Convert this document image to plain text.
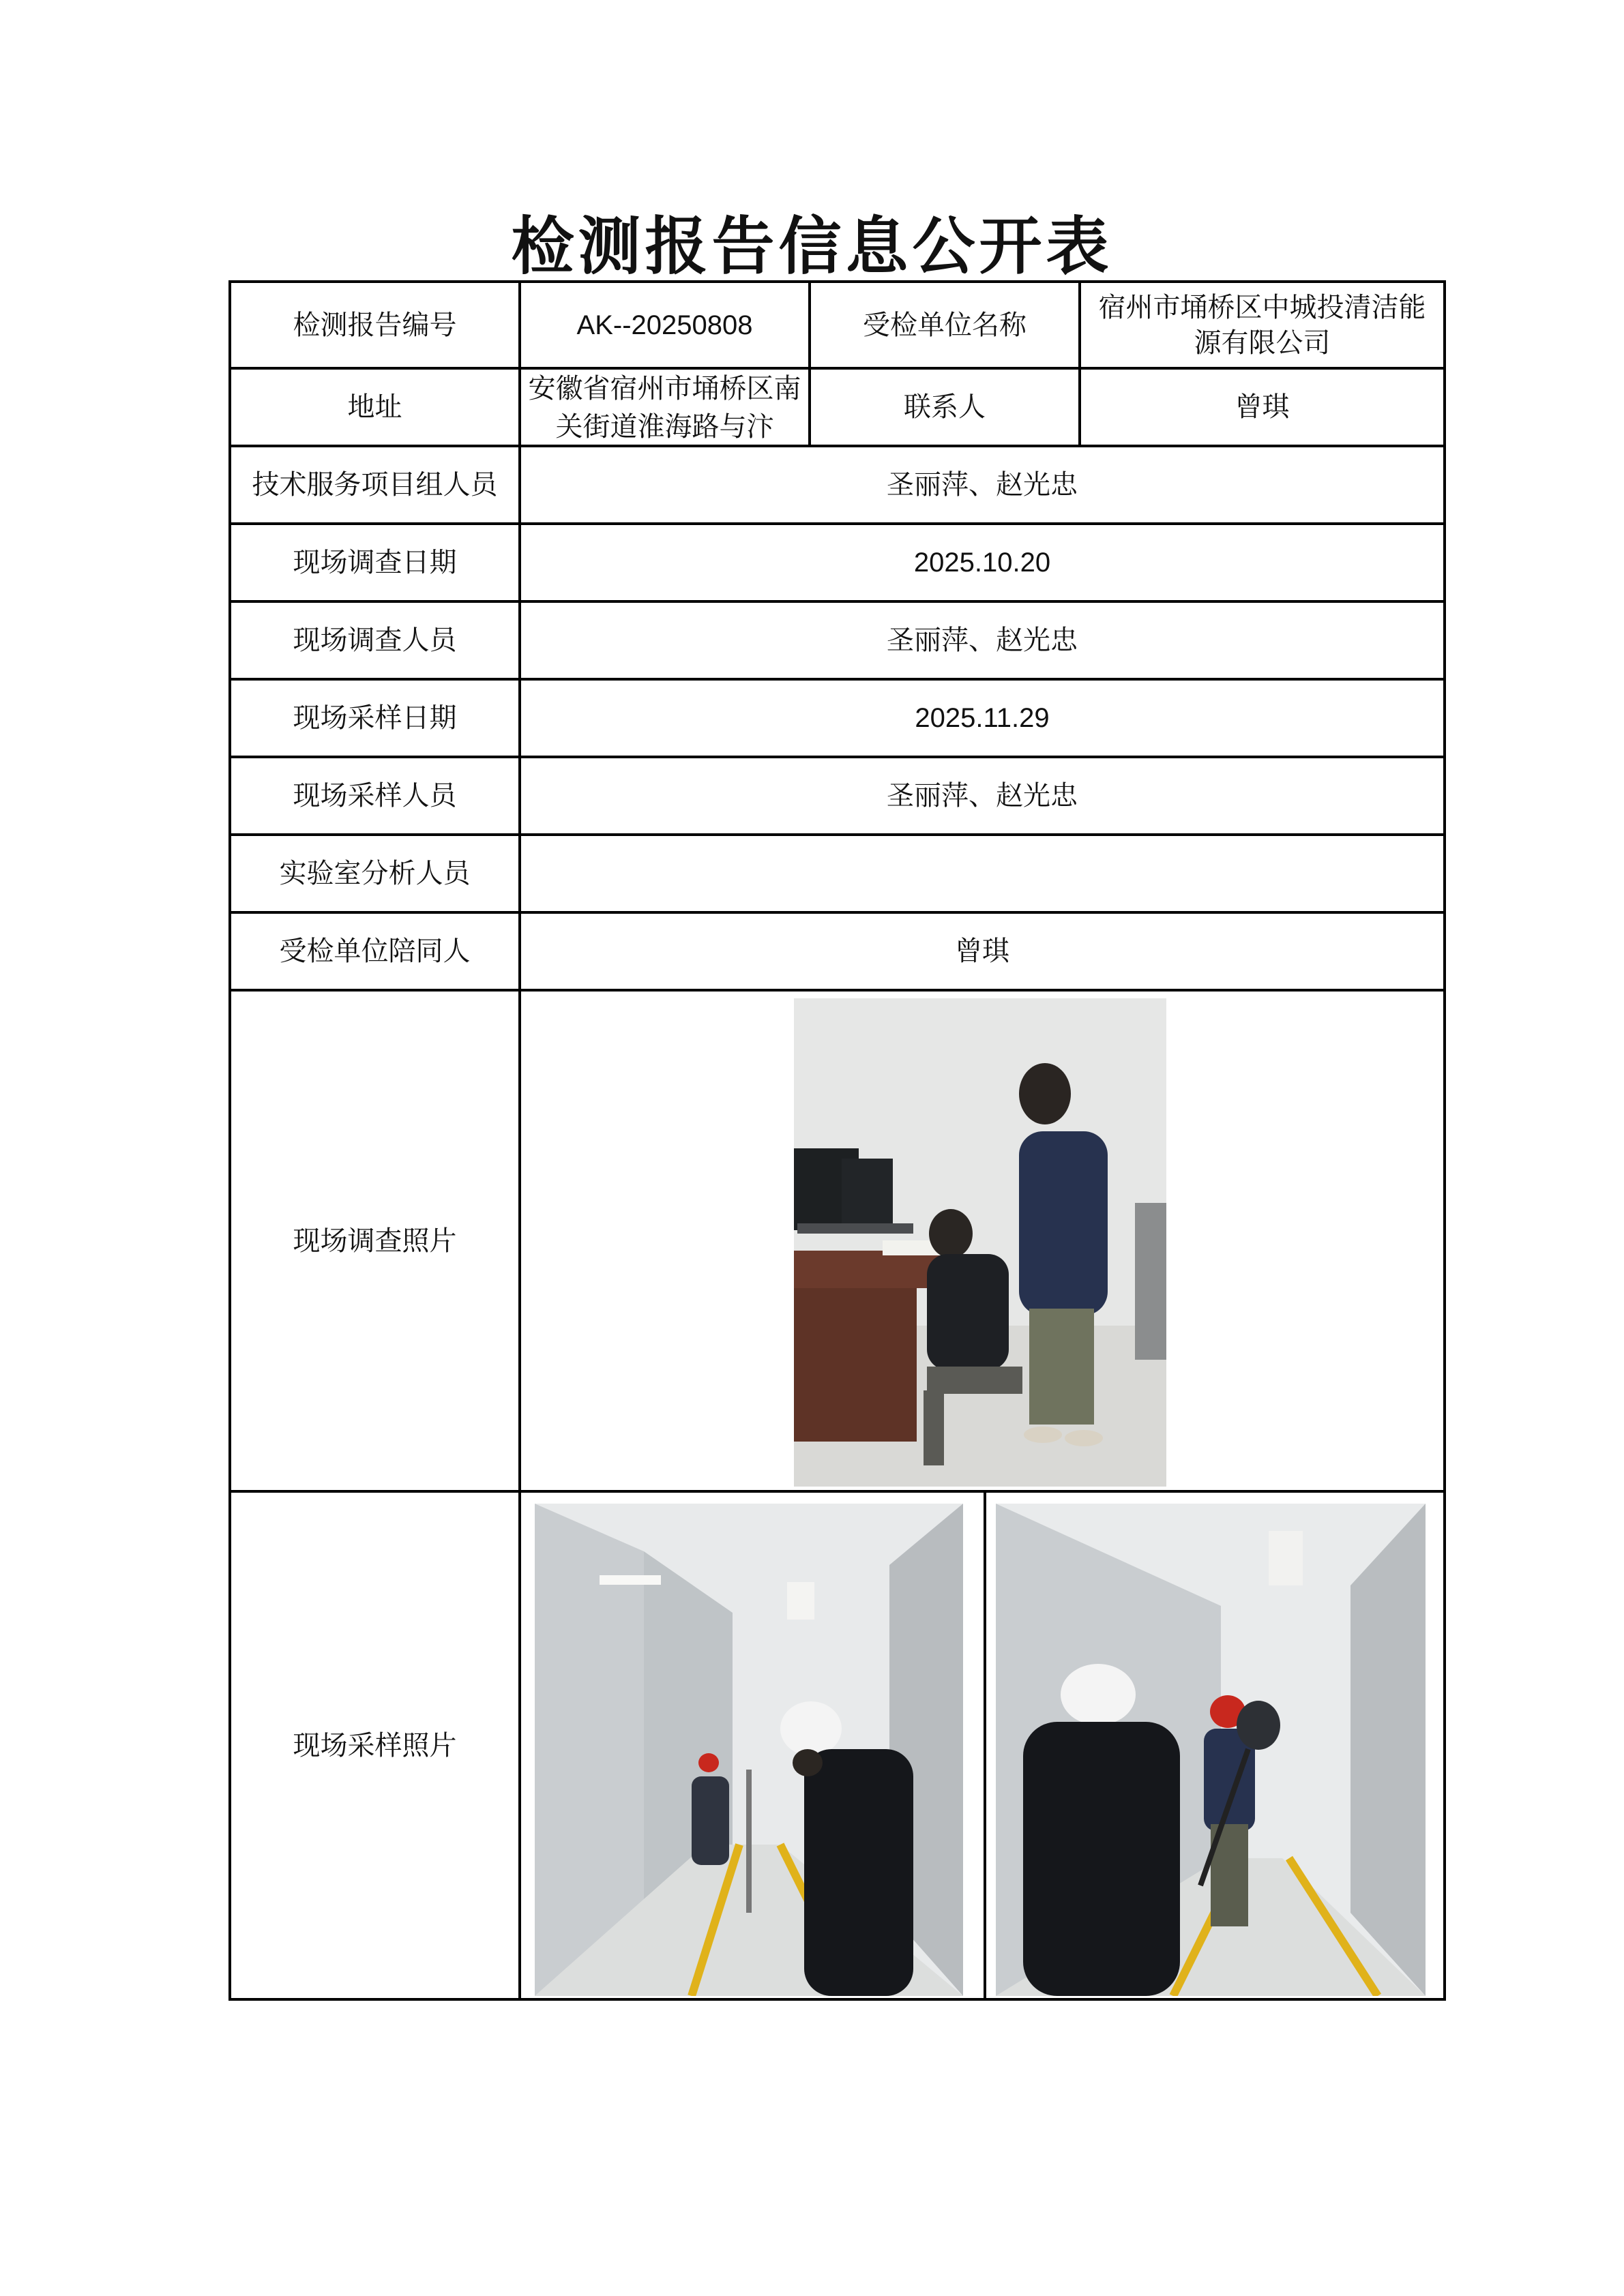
检测报告信息公开表
检测报告编号	AK--20250808	受检单位名称	宿州市埇桥区中城投清洁能源有限公司
地址	安徽省宿州市埇桥区南关街道淮海路与汴	联系人	曾琪
技术服务项目组人员	圣丽萍、赵光忠		
现场调查日期	2025.10.20		
现场调查人员	圣丽萍、赵光忠		
现场采样日期	2025.11.29		
现场采样人员	圣丽萍、赵光忠		
实验室分析人员			
受检单位陪同人	曾琪		
现场调查照片	

现场采样照片	
